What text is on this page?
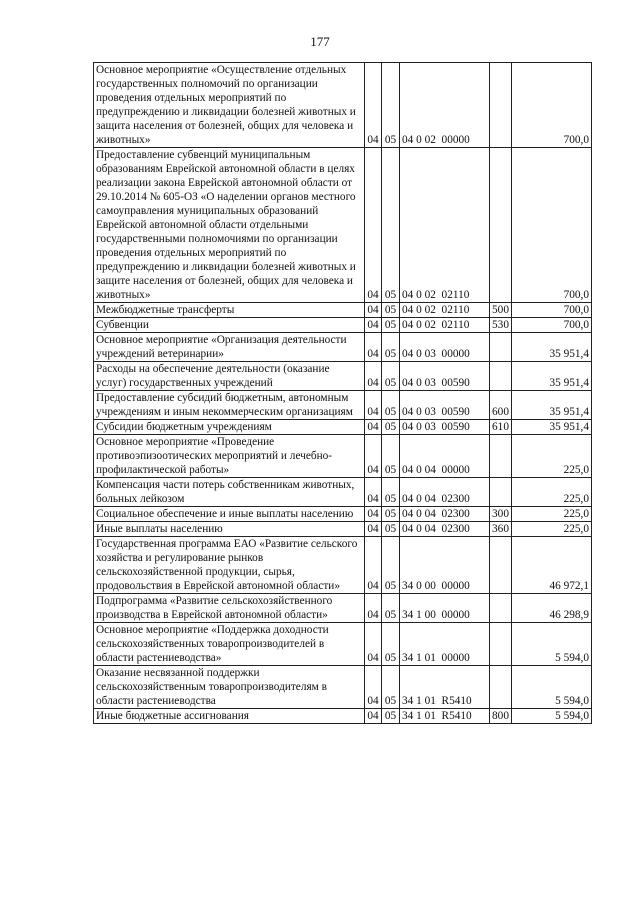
177
Основное мероприятие «Осуществление отдельных государственных полномочий по организации проведения отдельных мероприятий по предупреждению и ликвидации болезней животных и защита населения от болезней, общих для человека и животных»	04	05	04 0 02  00000		700,0
Предоставление субвенций муниципальным образованиям Еврейской автономной области в целях реализации закона Еврейской автономной области от 29.10.2014 № 605-ОЗ «О наделении органов местного самоуправления муниципальных образований Еврейской автономной области отдельными государственными полномочиями по организации проведения отдельных мероприятий по предупреждению и ликвидации болезней животных и защите населения от болезней, общих для человека и животных»	04	05	04 0 02  02110		700,0
Межбюджетные трансферты	04	05	04 0 02  02110	500	700,0
Субвенции	04	05	04 0 02  02110	530	700,0
Основное мероприятие «Организация деятельности учреждений ветеринарии»	04	05	04 0 03  00000		35 951,4
Расходы на обеспечение деятельности (оказание услуг) государственных учреждений	04	05	04 0 03  00590		35 951,4
Предоставление субсидий бюджетным, автономным учреждениям и иным некоммерческим организациям	04	05	04 0 03  00590	600	35 951,4
Субсидии бюджетным учреждениям	04	05	04 0 03  00590	610	35 951,4
Основное мероприятие «Проведение противоэпизоотических мероприятий и лечебно-профилактической работы»	04	05	04 0 04  00000		225,0
Компенсация части потерь собственникам животных, больных лейкозом	04	05	04 0 04  02300		225,0
Социальное обеспечение и иные выплаты населению	04	05	04 0 04  02300	300	225,0
Иные выплаты населению	04	05	04 0 04  02300	360	225,0
Государственная программа ЕАО «Развитие сельского хозяйства и регулирование рынков сельскохозяйственной продукции, сырья, продовольствия в Еврейской автономной области»	04	05	34 0 00  00000		46 972,1
Подпрограмма «Развитие сельскохозяйственного производства в Еврейской автономной области»	04	05	34 1 00  00000		46 298,9
Основное мероприятие «Поддержка доходности сельскохозяйственных товаропроизводителей в области растениеводства»	04	05	34 1 01  00000		5 594,0
Оказание несвязанной поддержки сельскохозяйственным товаропроизводителям в области растениеводства	04	05	34 1 01  R5410		5 594,0
Иные бюджетные ассигнования	04	05	34 1 01  R5410	800	5 594,0
